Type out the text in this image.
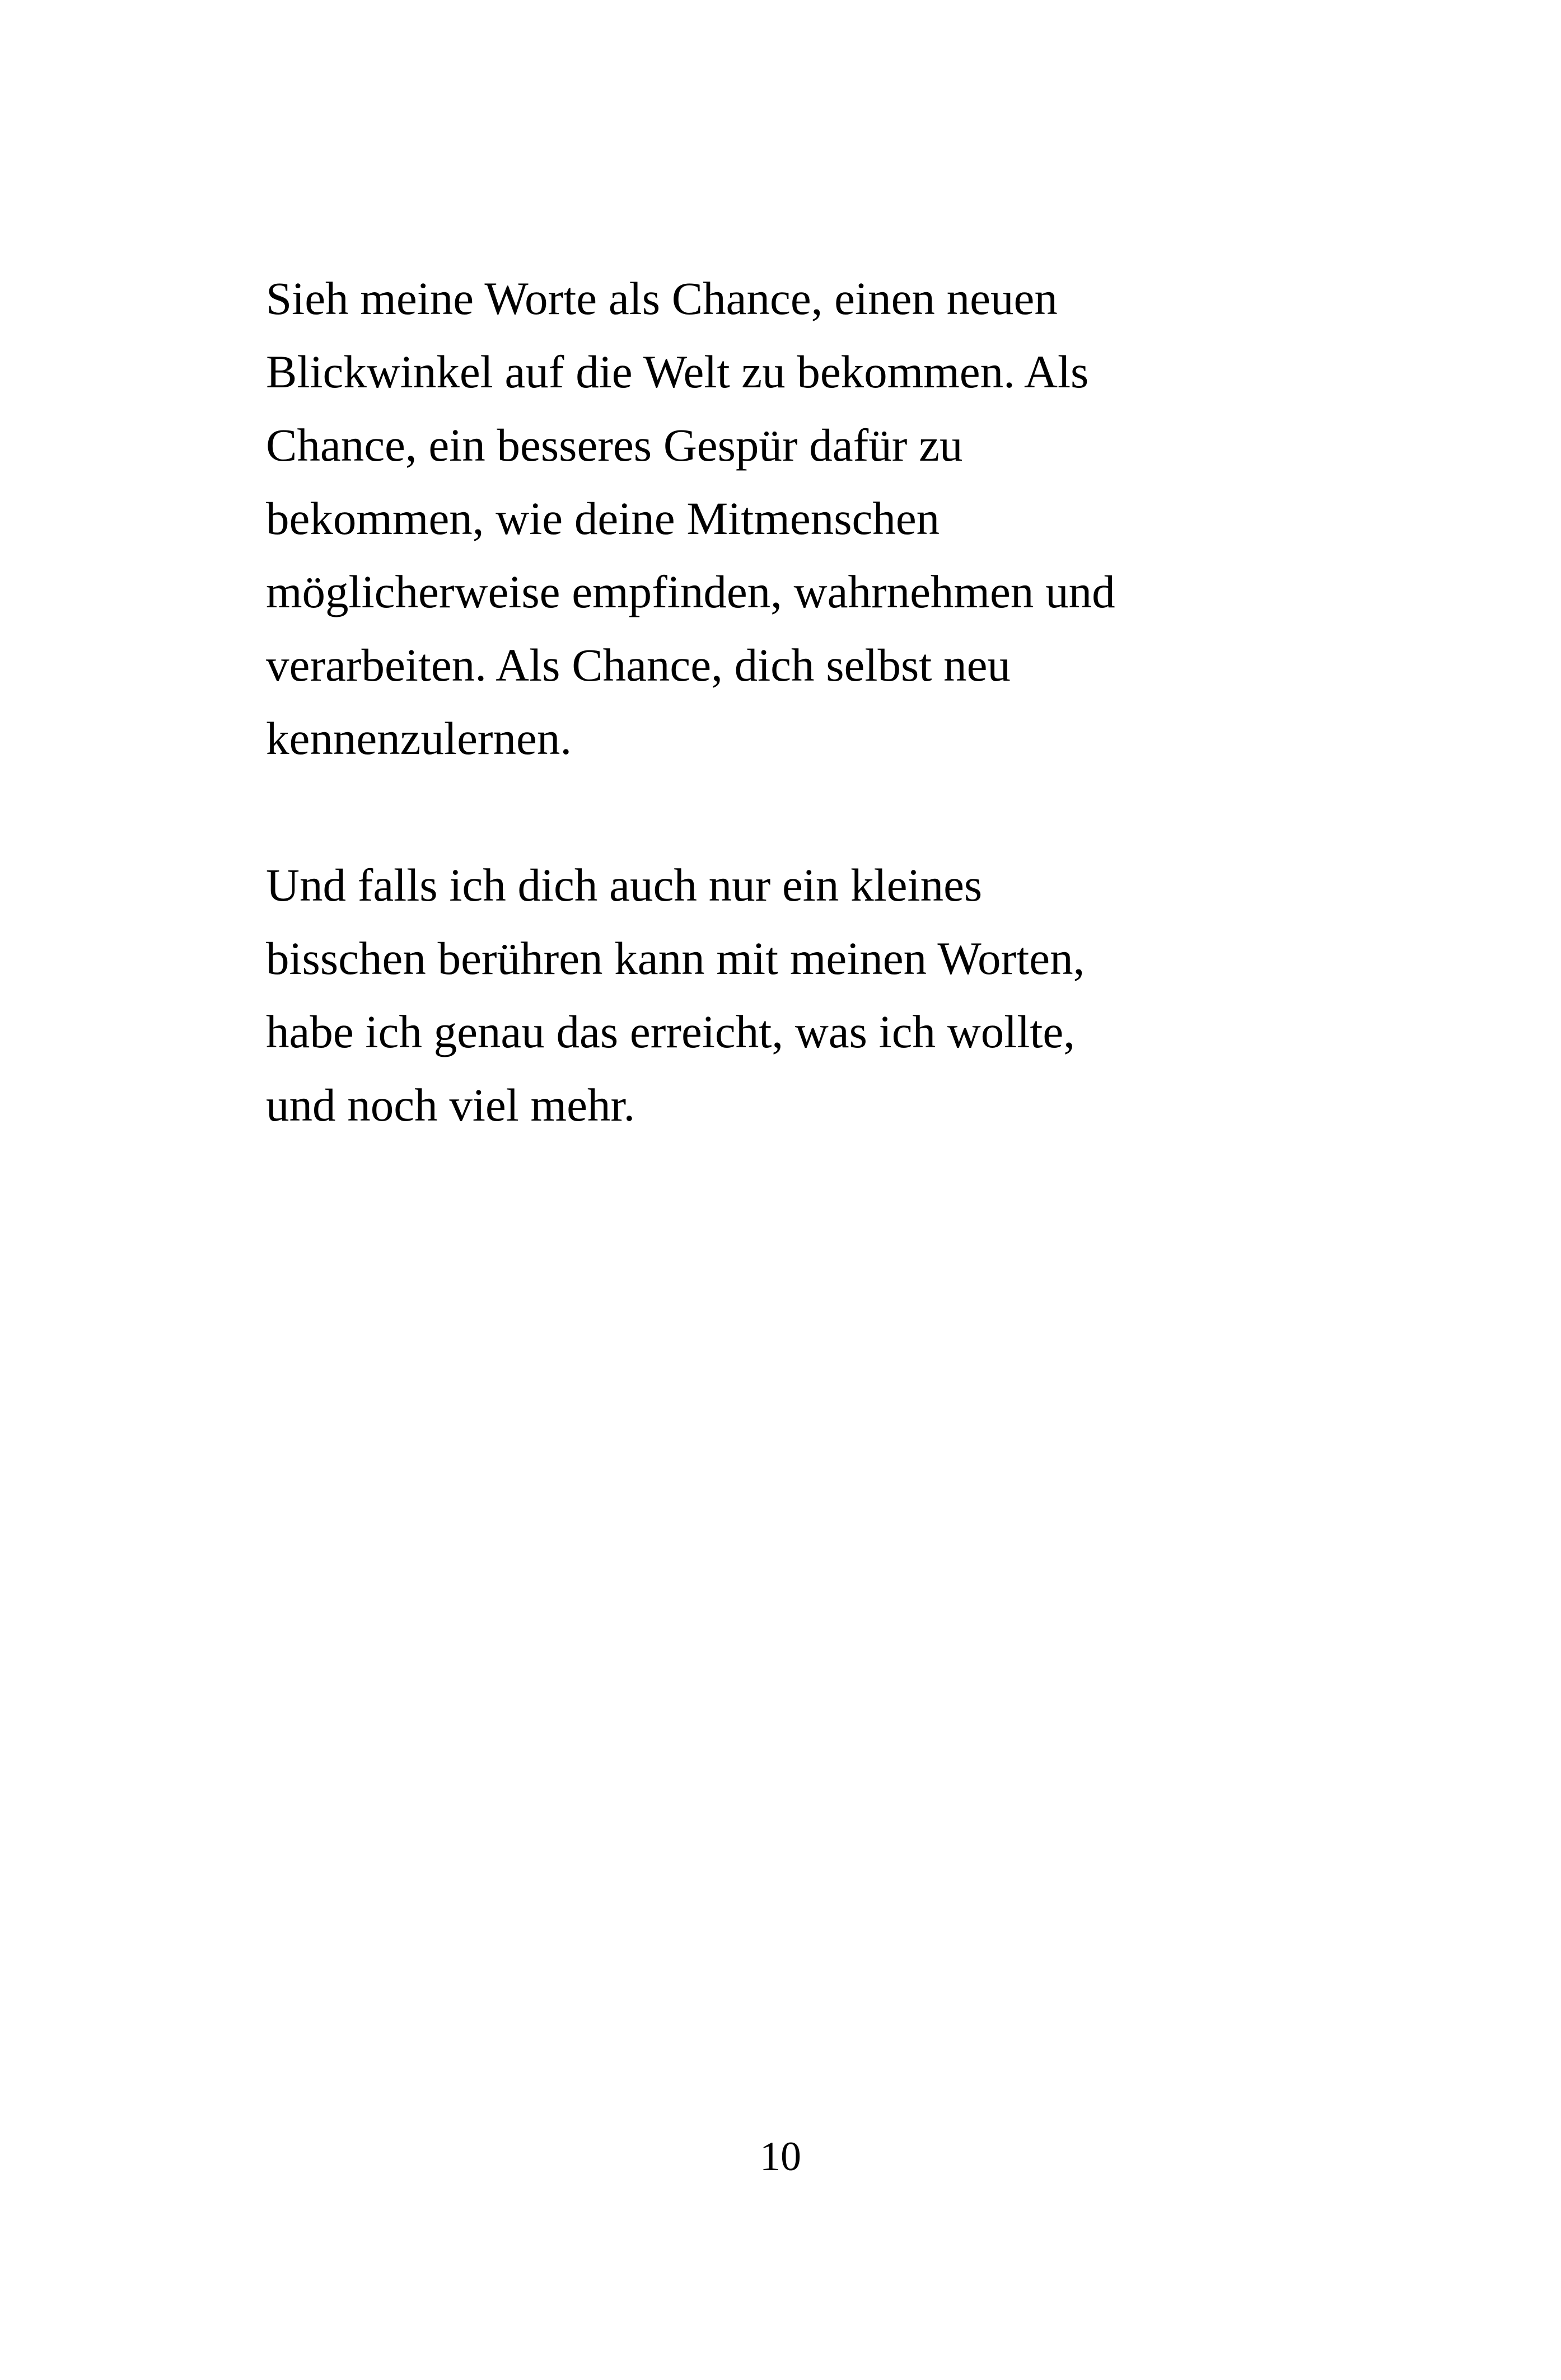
Sieh meine Worte als Chance, einen neuen
Blickwinkel auf die Welt zu bekommen. Als
Chance, ein besseres Gespür dafür zu
bekommen, wie deine Mitmenschen
möglicherweise empfinden, wahrnehmen und
verarbeiten. Als Chance, dich selbst neu
kennenzulernen.

Und falls ich dich auch nur ein kleines
bisschen berühren kann mit meinen Worten,
habe ich genau das erreicht, was ich wollte,
und noch viel mehr.

10
